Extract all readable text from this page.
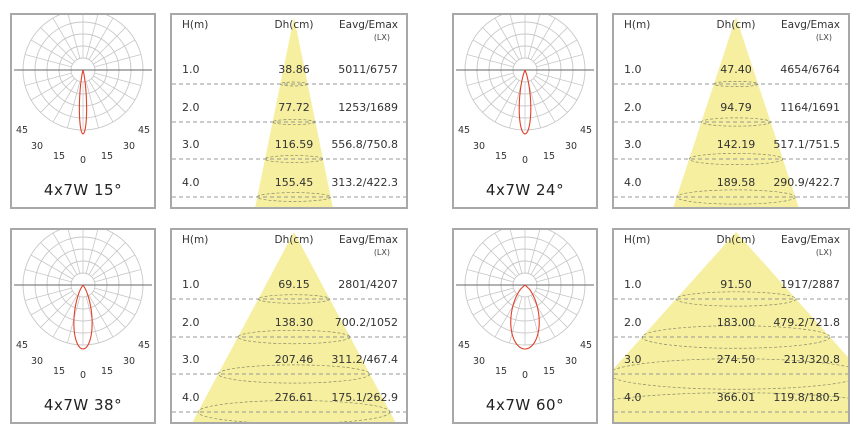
45
30
15	0	15
30
45
4x7W 15°
H(m)	Dh(cm)	Eavg/Emax
(LX)
1.0	38.86	5011/6757
2.0	77.72	1253/1689
3.0	116.59	556.8/750.8
4.0	155.45	313.2/422.3
45
30
15	0	15
30
45
4x7W 24°
H(m)	Dh(cm)	Eavg/Emax
(LX)
1.0	47.40	4654/6764
2.0	94.79	1164/1691
3.0	142.19	517.1/751.5
4.0	189.58	290.9/422.7
45
30
15	0	15
30
45
4x7W 38°
H(m)	Dh(cm)	Eavg/Emax
(LX)
1.0	69.15	2801/4207
2.0	138.30	700.2/1052
3.0	207.46	311.2/467.4
4.0	276.61	175.1/262.9
45
30
15	0	15
30
45
4x7W 60°
H(m)	Dh(cm)	Eavg/Emax
(LX)
1.0	91.50	1917/2887
2.0	183.00	479.2/721.8
3.0	274.50	213/320.8
4.0	366.01	119.8/180.5
